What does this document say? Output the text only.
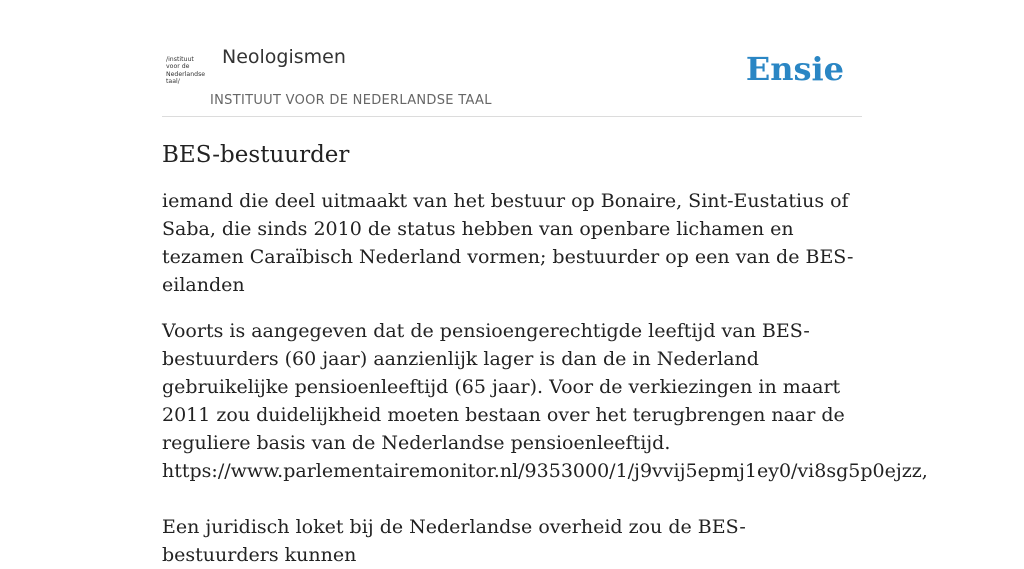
/instituut
voor de
Nederlandse
taal/
Neologismen
INSTITUUT VOOR DE NEDERLANDSE TAAL
Ensie
BES-bestuurder

iemand die deel uitmaakt van het bestuur op Bonaire, Sint-Eustatius of Saba, die sinds 2010 de status hebben van openbare lichamen en tezamen Caraïbisch Nederland vormen; bestuurder op een van de BES-eilanden

Voorts is aangegeven dat de pensioengerechtigde leeftijd van BES-bestuurders (60 jaar) aanzienlijk lager is dan de in Nederland gebruikelijke pensioenleeftijd (65 jaar). Voor de verkiezingen in maart 2011 zou duidelijkheid moeten bestaan over het terugbrengen naar de reguliere basis van de Nederlandse pensioenleeftijd.
https://www.parlementairemonitor.nl/9353000/1/j9vvij5epmj1ey0/vi8sg5p0ejzz,
Een juridisch loket bij de Nederlandse overheid zou de BES-bestuurders kunnen
